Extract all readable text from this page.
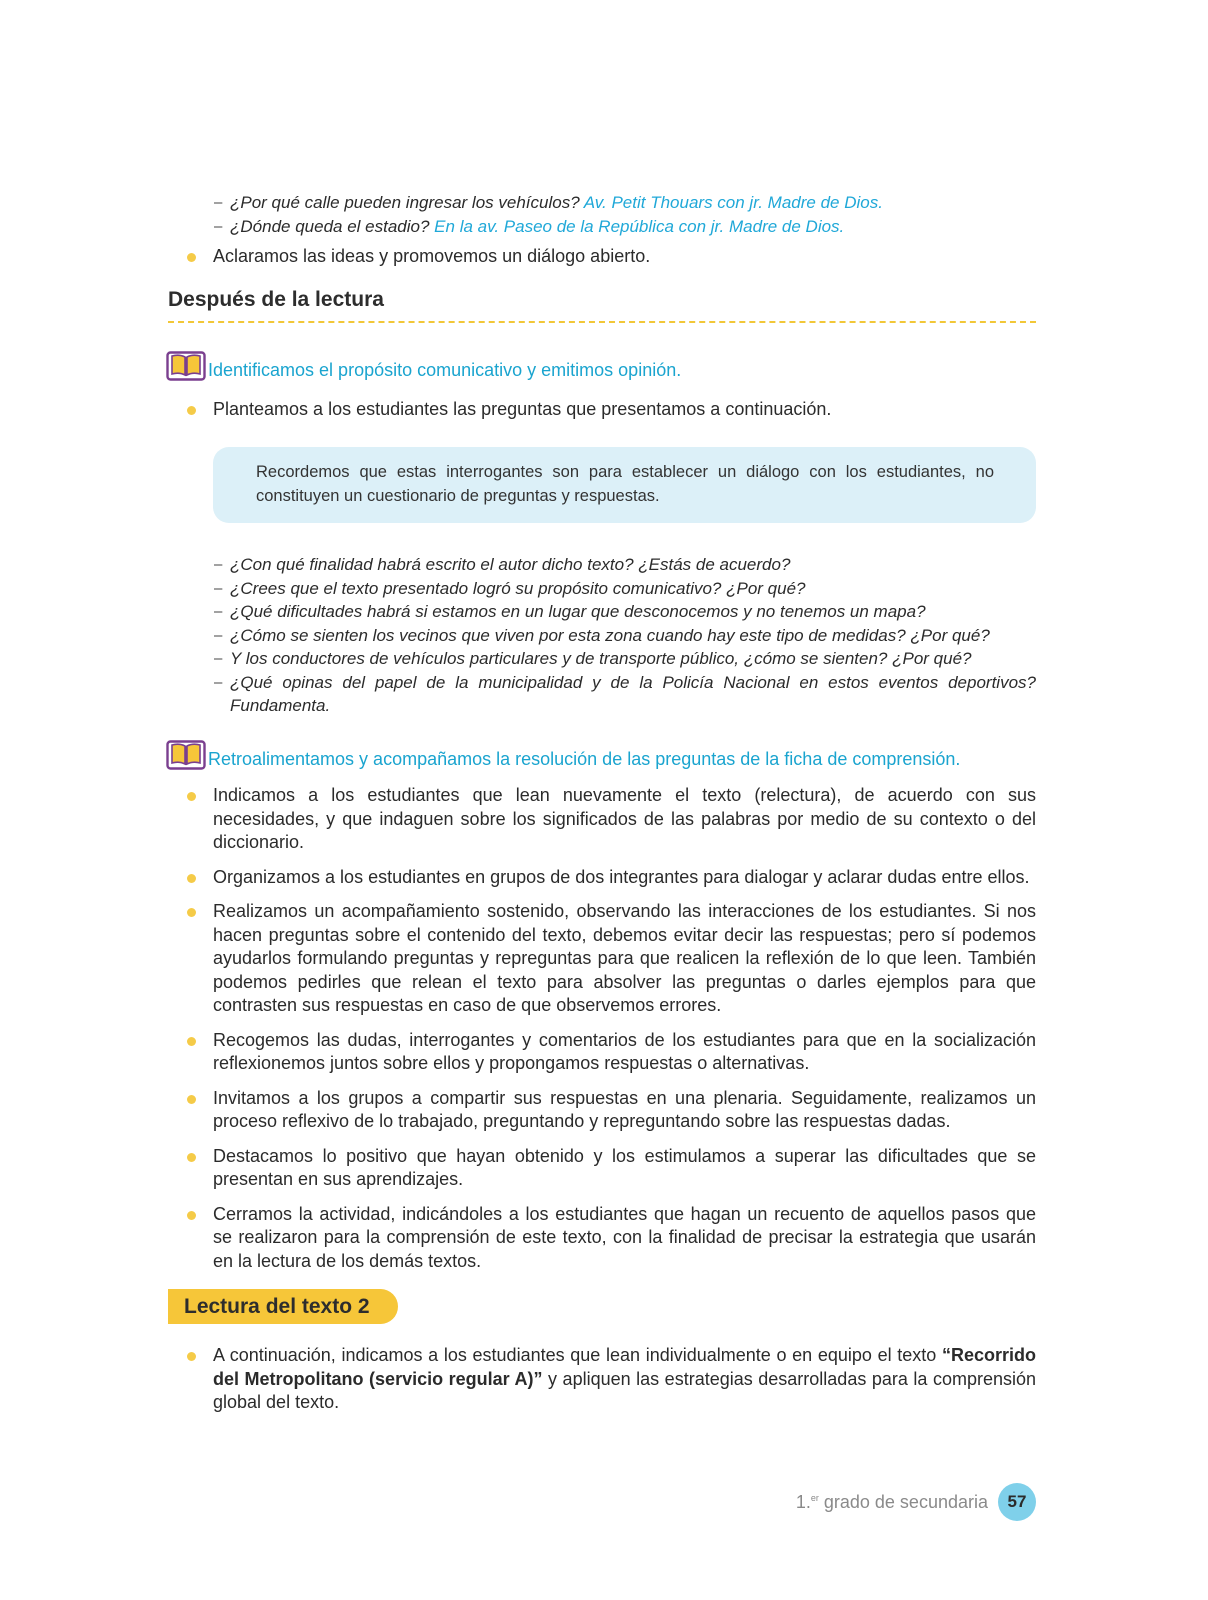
– ¿Por qué calle pueden ingresar los vehículos? Av. Petit Thouars con jr. Madre de Dios.
– ¿Dónde queda el estadio? En la av. Paseo de la República con jr. Madre de Dios.
Aclaramos las ideas y promovemos un diálogo abierto.
Después de la lectura
Identificamos el propósito comunicativo y emitimos opinión.
Planteamos a los estudiantes las preguntas que presentamos a continuación.
Recordemos que estas interrogantes son para establecer un diálogo con los estudiantes, no constituyen un cuestionario de preguntas y respuestas.
– ¿Con qué finalidad habrá escrito el autor dicho texto? ¿Estás de acuerdo?
– ¿Crees que el texto presentado logró su propósito comunicativo? ¿Por qué?
– ¿Qué dificultades habrá si estamos en un lugar que desconocemos y no tenemos un mapa?
– ¿Cómo se sienten los vecinos que viven por esta zona cuando hay este tipo de medidas? ¿Por qué?
– Y los conductores de vehículos particulares y de transporte público, ¿cómo se sienten? ¿Por qué?
– ¿Qué opinas del papel de la municipalidad y de la Policía Nacional en estos eventos deportivos? Fundamenta.
Retroalimentamos y acompañamos la resolución de las preguntas de la ficha de comprensión.
Indicamos a los estudiantes que lean nuevamente el texto (relectura), de acuerdo con sus necesidades, y que indaguen sobre los significados de las palabras por medio de su contexto o del diccionario.
Organizamos a los estudiantes en grupos de dos integrantes para dialogar y aclarar dudas entre ellos.
Realizamos un acompañamiento sostenido, observando las interacciones de los estudiantes. Si nos hacen preguntas sobre el contenido del texto, debemos evitar decir las respuestas; pero sí podemos ayudarlos formulando preguntas y repreguntas para que realicen la reflexión de lo que leen. También podemos pedirles que relean el texto para absolver las preguntas o darles ejemplos para que contrasten sus respuestas en caso de que observemos errores.
Recogemos las dudas, interrogantes y comentarios de los estudiantes para que en la socialización reflexionemos juntos sobre ellos y propongamos respuestas o alternativas.
Invitamos a los grupos a compartir sus respuestas en una plenaria. Seguidamente, realizamos un proceso reflexivo de lo trabajado, preguntando y repreguntando sobre las respuestas dadas.
Destacamos lo positivo que hayan obtenido y los estimulamos a superar las dificultades que se presentan en sus aprendizajes.
Cerramos la actividad, indicándoles a los estudiantes que hagan un recuento de aquellos pasos que se realizaron para la comprensión de este texto, con la finalidad de precisar la estrategia que usarán en la lectura de los demás textos.
Lectura del texto 2
A continuación, indicamos a los estudiantes que lean individualmente o en equipo el texto “Recorrido del Metropolitano (servicio regular A)” y apliquen las estrategias desarrolladas para la comprensión global del texto.
1.$^{er}$ grado de secundaria	57
